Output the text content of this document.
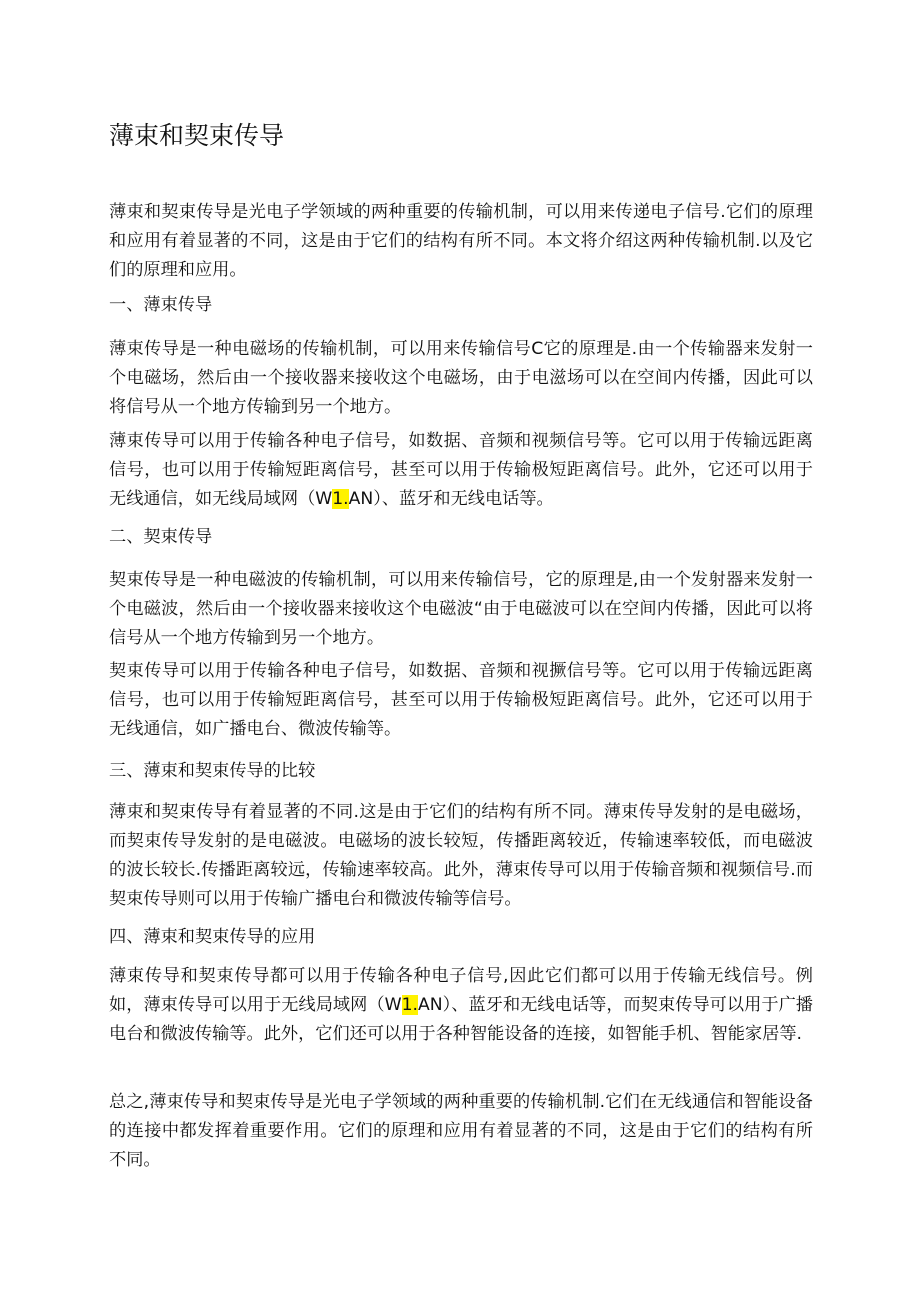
薄束和契束传导

薄束和契束传导是光电子学领域的两种重要的传输机制，可以用来传递电子信号.它们的原理和应用有着显著的不同，这是由于它们的结构有所不同。本文将介绍这两种传输机制.以及它们的原理和应用。

一、薄束传导

薄束传导是一种电磁场的传输机制，可以用来传输信号C它的原理是.由一个传输器来发射一个电磁场，然后由一个接收器来接收这个电磁场，由于电滋场可以在空间内传播，因此可以将信号从一个地方传输到另一个地方。

薄束传导可以用于传输各种电子信号，如数据、音频和视频信号等。它可以用于传输远距离信号，也可以用于传输短距离信号，甚至可以用于传输极短距离信号。此外，它还可以用于无线通信，如无线局域网（W1.AN）、蓝牙和无线电话等。

二、契束传导

契束传导是一种电磁波的传输机制，可以用来传输信号，它的原理是,由一个发射器来发射一个电磁波，然后由一个接收器来接收这个电磁波“由于电磁波可以在空间内传播，因此可以将信号从一个地方传输到另一个地方。

契束传导可以用于传输各种电子信号，如数据、音频和视撅信号等。它可以用于传输远距离信号，也可以用于传输短距离信号，甚至可以用于传输极短距离信号。此外，它还可以用于无线通信，如广播电台、微波传输等。

三、薄束和契束传导的比较

薄束和契束传导有着显著的不同.这是由于它们的结构有所不同。薄束传导发射的是电磁场，而契束传导发射的是电磁波。电磁场的波长较短，传播距离较近，传输速率较低，而电磁波的波长较长.传播距离较远，传输速率较高。此外，薄束传导可以用于传输音频和视频信号.而契束传导则可以用于传输广播电台和微波传输等信号。

四、薄束和契束传导的应用

薄束传导和契束传导都可以用于传输各种电子信号,因此它们都可以用于传输无线信号。例如，薄束传导可以用于无线局域网（W1.AN）、蓝牙和无线电话等，而契束传导可以用于广播电台和微波传输等。此外，它们还可以用于各种智能设备的连接，如智能手机、智能家居等.

总之,薄束传导和契束传导是光电子学领域的两种重要的传输机制.它们在无线通信和智能设备的连接中都发挥着重要作用。它们的原理和应用有着显著的不同，这是由于它们的结构有所不同。
